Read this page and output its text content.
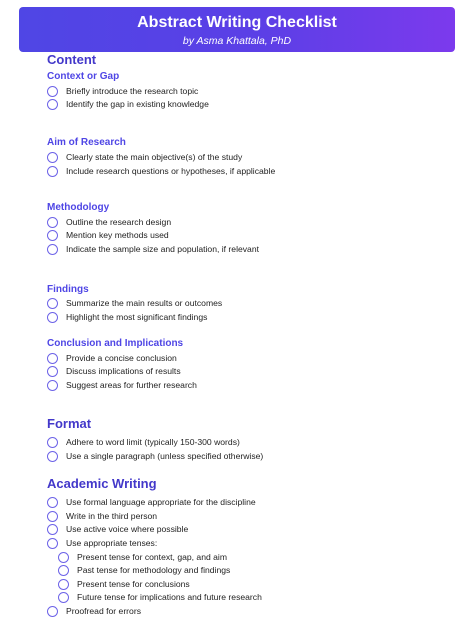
Abstract Writing Checklist
by Asma Khattala, PhD
Content
Context or Gap
Briefly introduce the research topic
Identify the gap in existing knowledge
Aim of Research
Clearly state the main objective(s) of the study
Include research questions or hypotheses, if applicable
Methodology
Outline the research design
Mention key methods used
Indicate the sample size and population, if relevant
Findings
Summarize the main results or outcomes
Highlight the most significant findings
Conclusion and Implications
Provide a concise conclusion
Discuss implications of results
Suggest areas for further research
Format
Adhere to word limit (typically 150-300 words)
Use a single paragraph (unless specified otherwise)
Academic Writing
Use formal language appropriate for the discipline
Write in the third person
Use active voice where possible
Use appropriate tenses:
Present tense for context, gap, and aim
Past tense for methodology and findings
Present tense for conclusions
Future tense for implications and future research
Proofread for errors
